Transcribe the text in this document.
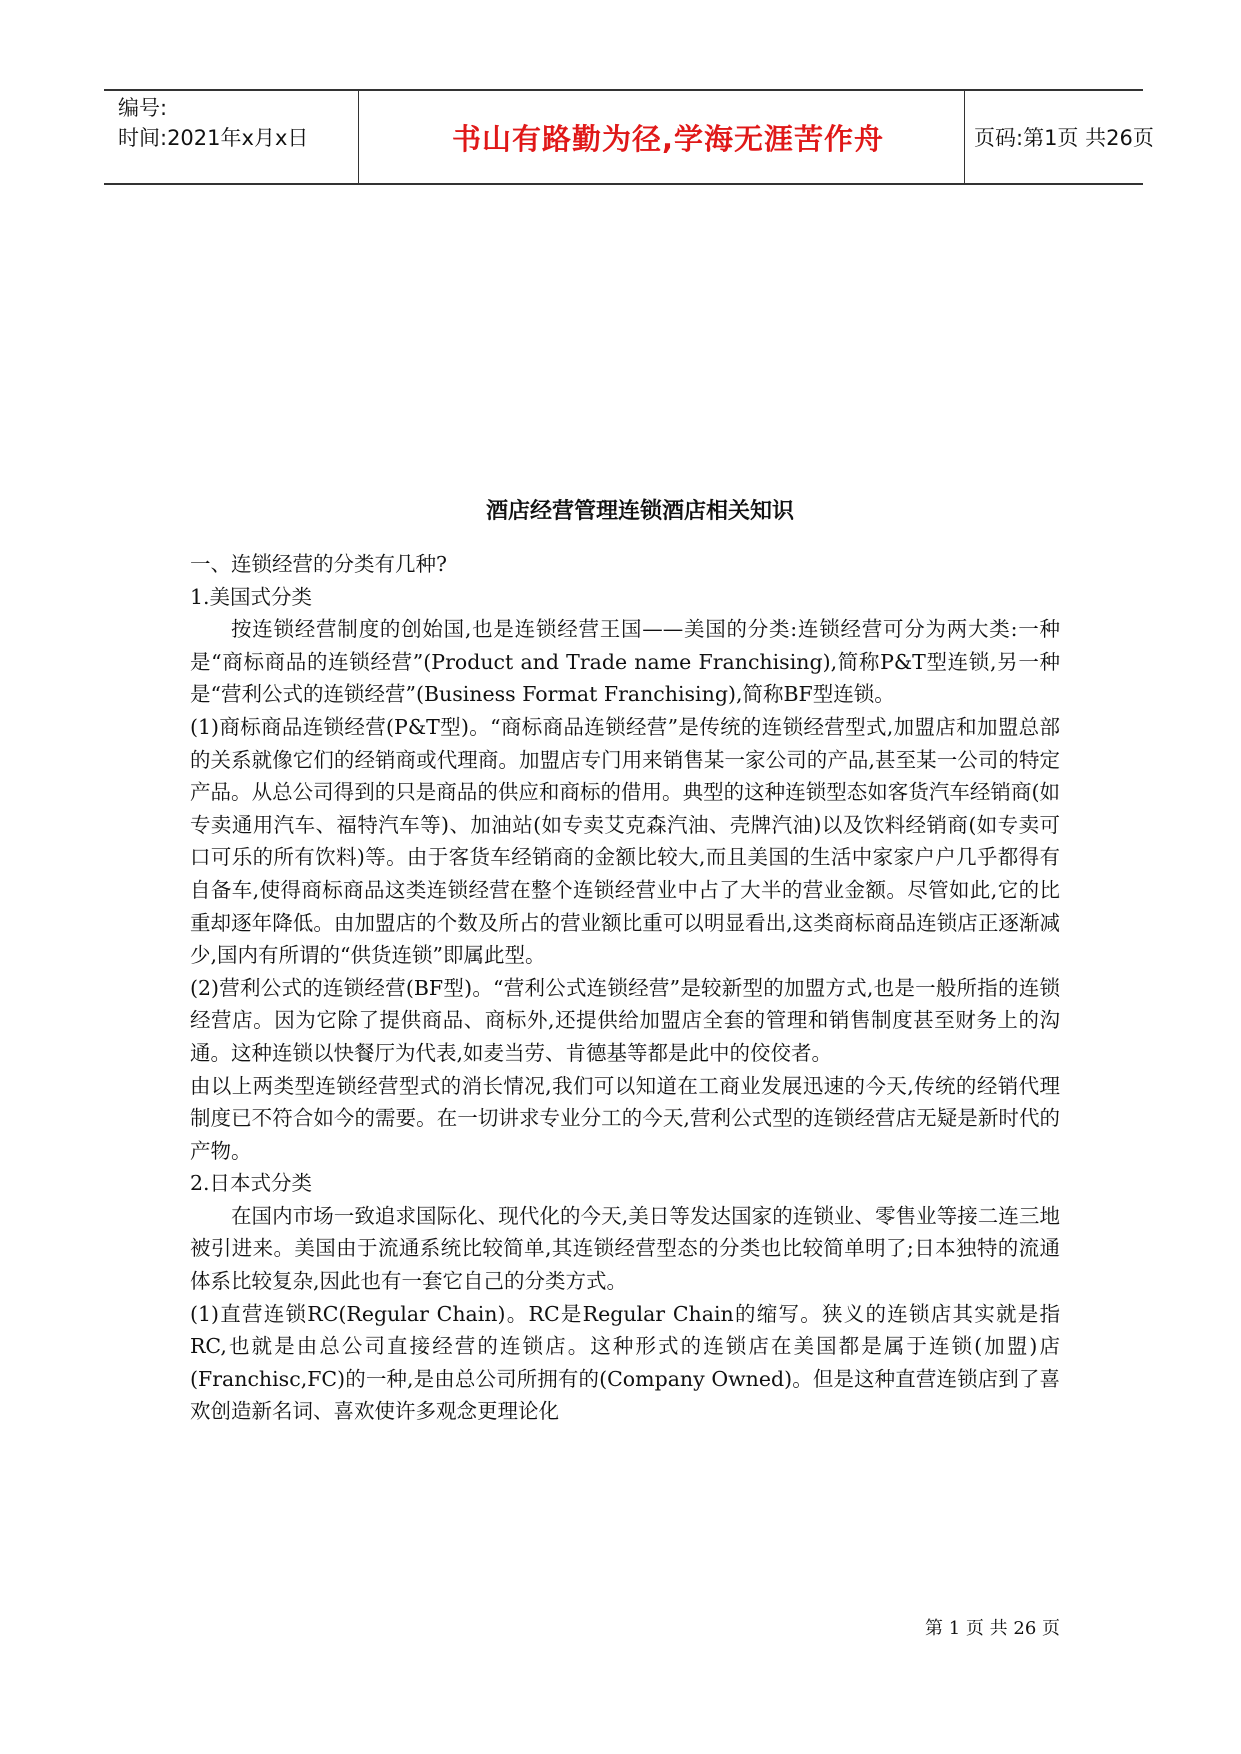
编号:
时间:2021年x月x日	书山有路勤为径,学海无涯苦作舟	页码:第1页 共26页
酒店经营管理连锁酒店相关知识

一、连锁经营的分类有几种?

1.美国式分类

按连锁经营制度的创始国,也是连锁经营王国——美国的分类:连锁经营可分为两大类:一种是“商标商品的连锁经营”(Product and Trade name Franchising),简称P&T型连锁,另一种是“营利公式的连锁经营”(Business Format Franchising),简称BF型连锁。

(1)商标商品连锁经营(P&T型)。“商标商品连锁经营”是传统的连锁经营型式,加盟店和加盟总部的关系就像它们的经销商或代理商。加盟店专门用来销售某一家公司的产品,甚至某一公司的特定产品。从总公司得到的只是商品的供应和商标的借用。典型的这种连锁型态如客货汽车经销商(如专卖通用汽车、福特汽车等)、加油站(如专卖艾克森汽油、壳牌汽油)以及饮料经销商(如专卖可口可乐的所有饮料)等。由于客货车经销商的金额比较大,而且美国的生活中家家户户几乎都得有自备车,使得商标商品这类连锁经营在整个连锁经营业中占了大半的营业金额。尽管如此,它的比重却逐年降低。由加盟店的个数及所占的营业额比重可以明显看出,这类商标商品连锁店正逐渐减少,国内有所谓的“供货连锁”即属此型。

(2)营利公式的连锁经营(BF型)。“营利公式连锁经营”是较新型的加盟方式,也是一般所指的连锁经营店。因为它除了提供商品、商标外,还提供给加盟店全套的管理和销售制度甚至财务上的沟通。这种连锁以快餐厅为代表,如麦当劳、肯德基等都是此中的佼佼者。

由以上两类型连锁经营型式的消长情况,我们可以知道在工商业发展迅速的今天,传统的经销代理制度已不符合如今的需要。在一切讲求专业分工的今天,营利公式型的连锁经营店无疑是新时代的产物。

2.日本式分类

在国内市场一致追求国际化、现代化的今天,美日等发达国家的连锁业、零售业等接二连三地被引进来。美国由于流通系统比较简单,其连锁经营型态的分类也比较简单明了;日本独特的流通体系比较复杂,因此也有一套它自己的分类方式。

(1)直营连锁RC(Regular Chain)。RC是Regular Chain的缩写。狭义的连锁店其实就是指RC,也就是由总公司直接经营的连锁店。这种形式的连锁店在美国都是属于连锁(加盟)店(Franchisc,FC)的一种,是由总公司所拥有的(Company Owned)。但是这种直营连锁店到了喜欢创造新名词、喜欢使许多观念更理论化

第 1 页 共 26 页
